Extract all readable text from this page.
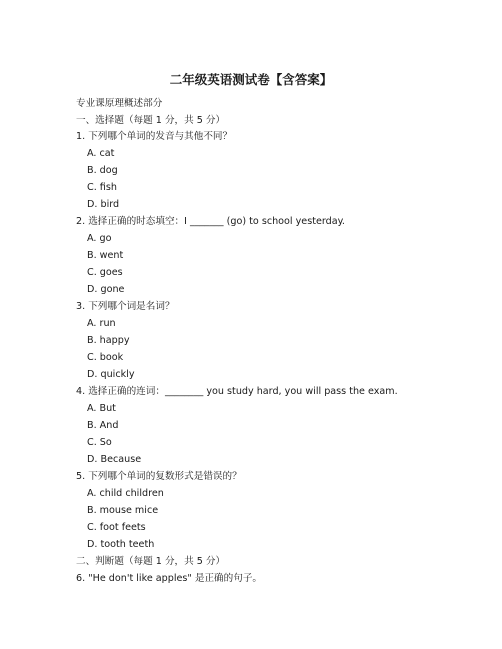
二年级英语测试卷【含答案】
专业课原理概述部分
一、选择题（每题 1 分，共 5 分）
1. 下列哪个单词的发音与其他不同？
A. cat
B. dog
C. fish
D. bird
2. 选择正确的时态填空：I _______ (go) to school yesterday.
A. go
B. went
C. goes
D. gone
3. 下列哪个词是名词？
A. run
B. happy
C. book
D. quickly
4. 选择正确的连词：________ you study hard, you will pass the exam.
A. But
B. And
C. So
D. Because
5. 下列哪个单词的复数形式是错误的？
A. child children
B. mouse mice
C. foot feets
D. tooth teeth
二、判断题（每题 1 分，共 5 分）
6. "He don't like apples" 是正确的句子。
